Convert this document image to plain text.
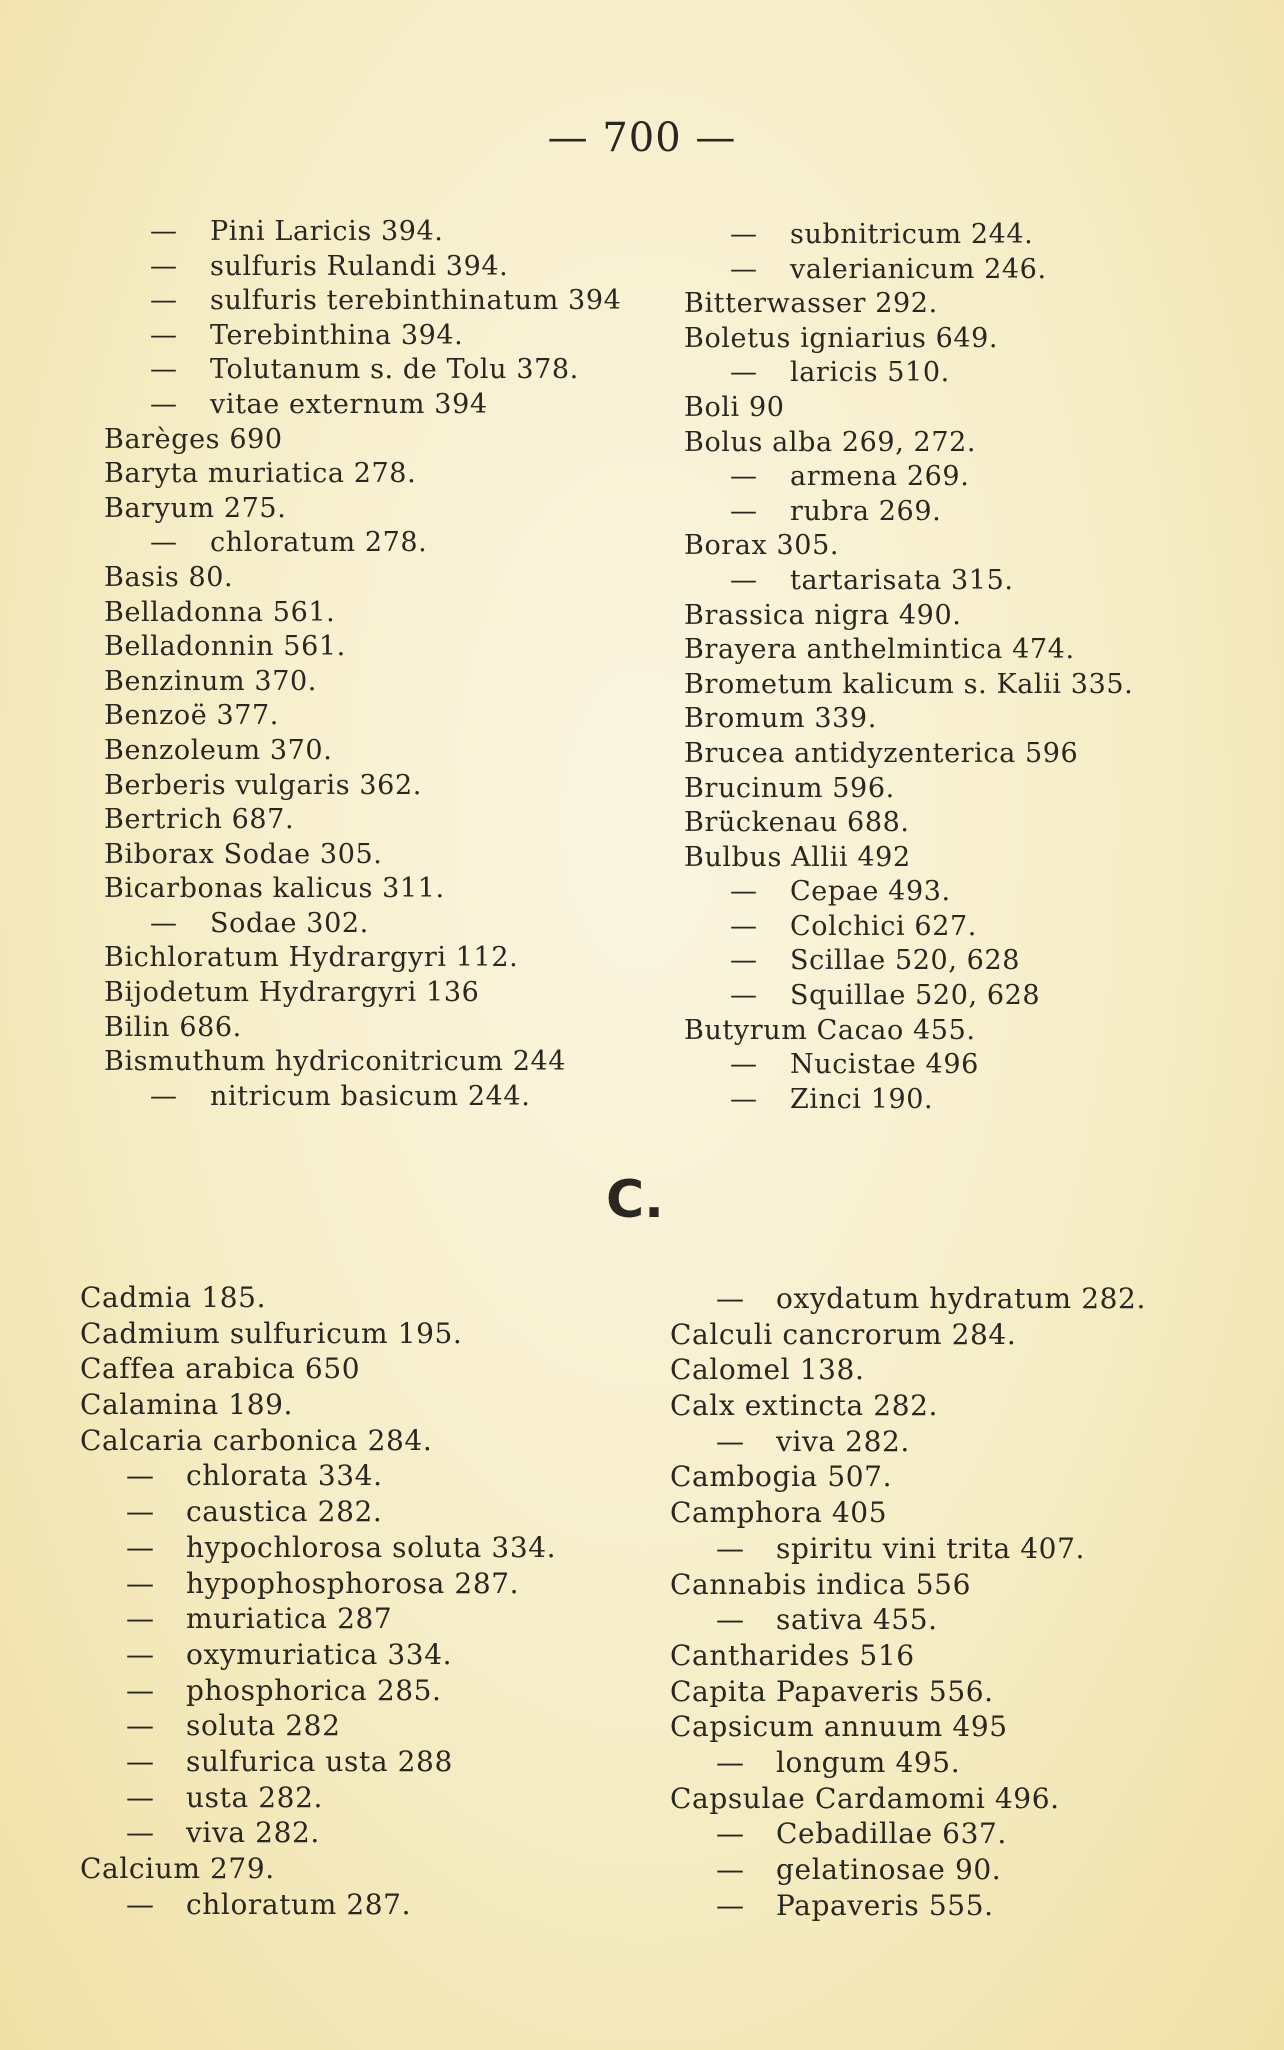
— 700 —
— Pini Laricis 394.
— sulfuris Rulandi 394.
— sulfuris terebinthinatum 394
— Terebinthina 394.
— Tolutanum s. de Tolu 378.
— vitae externum 394
Barèges 690
Baryta muriatica 278.
Baryum 275.
— chloratum 278.
Basis 80.
Belladonna 561.
Belladonnin 561.
Benzinum 370.
Benzoë 377.
Benzoleum 370.
Berberis vulgaris 362.
Bertrich 687.
Biborax Sodae 305.
Bicarbonas kalicus 311.
— Sodae 302.
Bichloratum Hydrargyri 112.
Bijodetum Hydrargyri 136
Bilin 686.
Bismuthum hydriconitricum 244
— nitricum basicum 244.
— subnitricum 244.
— valerianicum 246.
Bitterwasser 292.
Boletus igniarius 649.
— laricis 510.
Boli 90
Bolus alba 269, 272.
— armena 269.
— rubra 269.
Borax 305.
— tartarisata 315.
Brassica nigra 490.
Brayera anthelmintica 474.
Brometum kalicum s. Kalii 335.
Bromum 339.
Brucea antidyzenterica 596
Brucinum 596.
Brückenau 688.
Bulbus Allii 492
— Cepae 493.
— Colchici 627.
— Scillae 520, 628
— Squillae 520, 628
Butyrum Cacao 455.
— Nucistae 496
— Zinci 190.
C.
Cadmia 185.
Cadmium sulfuricum 195.
Caffea arabica 650
Calamina 189.
Calcaria carbonica 284.
— chlorata 334.
— caustica 282.
— hypochlorosa soluta 334.
— hypophosphorosa 287.
— muriatica 287
— oxymuriatica 334.
— phosphorica 285.
— soluta 282
— sulfurica usta 288
— usta 282.
— viva 282.
Calcium 279.
— chloratum 287.
— oxydatum hydratum 282.
Calculi cancrorum 284.
Calomel 138.
Calx extincta 282.
— viva 282.
Cambogia 507.
Camphora 405
— spiritu vini trita 407.
Cannabis indica 556
— sativa 455.
Cantharides 516
Capita Papaveris 556.
Capsicum annuum 495
— longum 495.
Capsulae Cardamomi 496.
— Cebadillae 637.
— gelatinosae 90.
— Papaveris 555.
